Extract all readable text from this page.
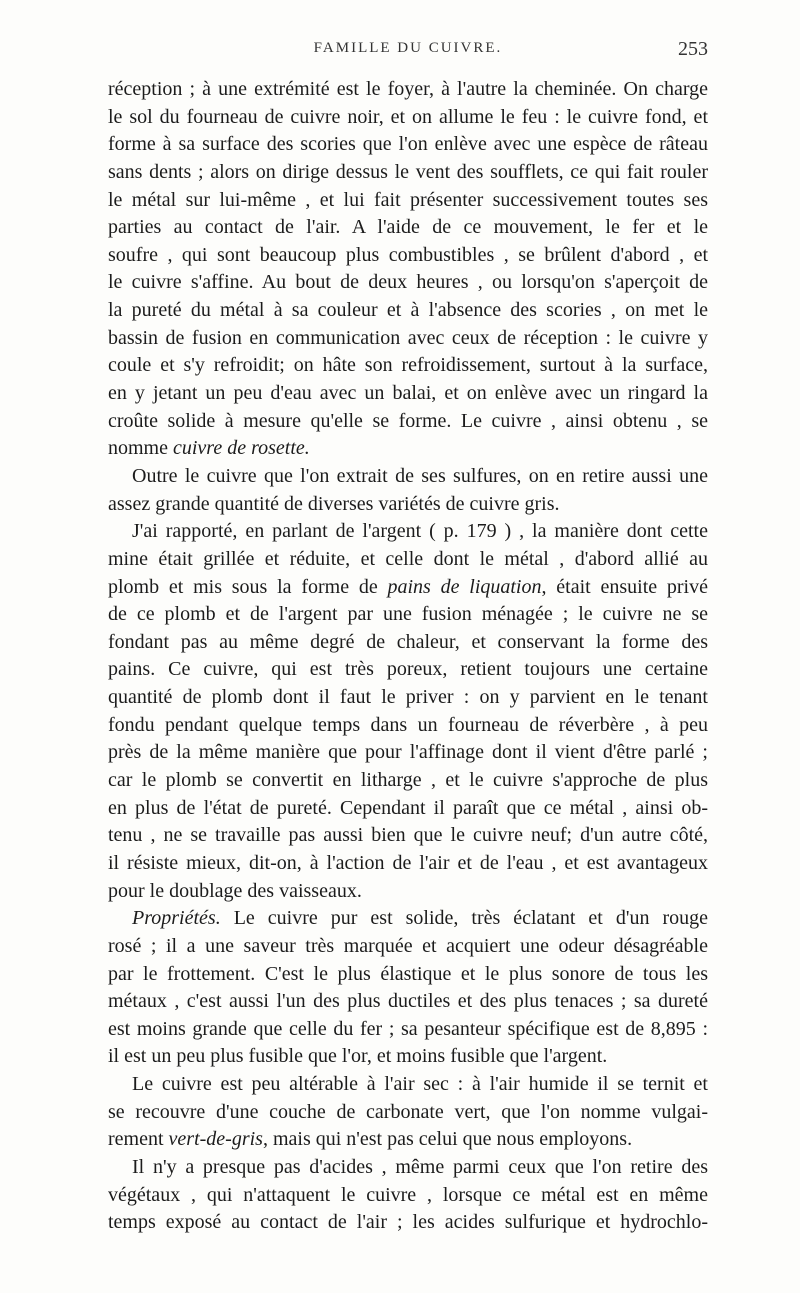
FAMILLE DU CUIVRE.	253
réception ; à une extrémité est le foyer, à l'autre la cheminée. On charge
le sol du fourneau de cuivre noir, et on allume le feu : le cuivre fond, et
forme à sa surface des scories que l'on enlève avec une espèce de râteau
sans dents ; alors on dirige dessus le vent des soufflets, ce qui fait rouler
le métal sur lui-même , et lui fait présenter successivement toutes ses
parties au contact de l'air. A l'aide de ce mouvement, le fer et le
soufre , qui sont beaucoup plus combustibles , se brûlent d'abord , et
le cuivre s'affine. Au bout de deux heures , ou lorsqu'on s'aperçoit de
la pureté du métal à sa couleur et à l'absence des scories , on met le
bassin de fusion en communication avec ceux de réception : le cuivre y
coule et s'y refroidit; on hâte son refroidissement, surtout à la surface,
en y jetant un peu d'eau avec un balai, et on enlève avec un ringard la
croûte solide à mesure qu'elle se forme. Le cuivre , ainsi obtenu , se
nomme cuivre de rosette.
Outre le cuivre que l'on extrait de ses sulfures, on en retire aussi une
assez grande quantité de diverses variétés de cuivre gris.
J'ai rapporté, en parlant de l'argent ( p. 179 ) , la manière dont cette
mine était grillée et réduite, et celle dont le métal , d'abord allié au
plomb et mis sous la forme de pains de liquation, était ensuite privé
de ce plomb et de l'argent par une fusion ménagée ; le cuivre ne se
fondant pas au même degré de chaleur, et conservant la forme des
pains. Ce cuivre, qui est très poreux, retient toujours une certaine
quantité de plomb dont il faut le priver : on y parvient en le tenant
fondu pendant quelque temps dans un fourneau de réverbère , à peu
près de la même manière que pour l'affinage dont il vient d'être parlé ;
car le plomb se convertit en litharge , et le cuivre s'approche de plus
en plus de l'état de pureté. Cependant il paraît que ce métal , ainsi ob-
tenu , ne se travaille pas aussi bien que le cuivre neuf; d'un autre côté,
il résiste mieux, dit-on, à l'action de l'air et de l'eau , et est avantageux
pour le doublage des vaisseaux.
Propriétés. Le cuivre pur est solide, très éclatant et d'un rouge
rosé ; il a une saveur très marquée et acquiert une odeur désagréable
par le frottement. C'est le plus élastique et le plus sonore de tous les
métaux , c'est aussi l'un des plus ductiles et des plus tenaces ; sa dureté
est moins grande que celle du fer ; sa pesanteur spécifique est de 8,895 :
il est un peu plus fusible que l'or, et moins fusible que l'argent.
Le cuivre est peu altérable à l'air sec : à l'air humide il se ternit et
se recouvre d'une couche de carbonate vert, que l'on nomme vulgai-
rement vert-de-gris, mais qui n'est pas celui que nous employons.
Il n'y a presque pas d'acides , même parmi ceux que l'on retire des
végétaux , qui n'attaquent le cuivre , lorsque ce métal est en même
temps exposé au contact de l'air ; les acides sulfurique et hydrochlo-
